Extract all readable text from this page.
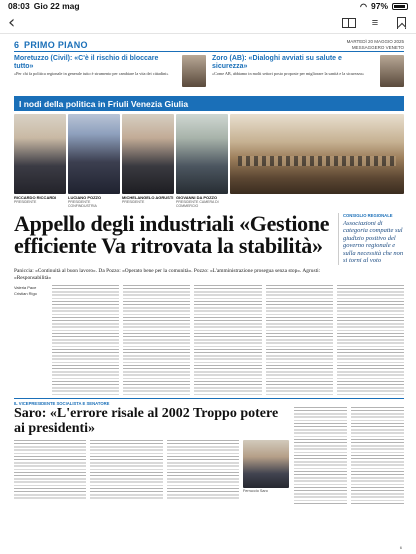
08:03 Gio 22 mag	◠ 97%
‹	≡
6 PRIMO PIANO	MARTEDÌ 20 MAGGIO 2025
MESSAGGERO VENETO
Moretuzzo (Civil): «C'è il rischio di bloccare tutto»

«Per chi fa politica regionale in generale tutto è strumento per cambiare la vita dei cittadini»

Zoro (AB): «Dialoghi avviati su salute e sicurezza»

«Come AB, abbiamo in molti settori posto proposte per migliorare la sanità e la sicurezza»

I nodi della politica in Friuli Venezia Giulia
RICCARDO RICCARDI
PRESIDENTE
LUCIANO POZZO
PRESIDENTE CONFINDUSTRIA
MICHELANGELO AGRUSTI
PRESIDENTE
GIOVANNI DA POZZO
PRESIDENTE CAMERA DI COMMERCIO
Appello degli industriali «Gestione efficiente Va ritrovata la stabilità»
CONSIGLIO REGIONALE
Associazioni di categoria compatte sul giudizio positivo del governo regionale e sulla necessità che non si torni al voto
Paniccia: «Continuità al buon lavoro». Da Pozzo: «Operato bene per la comunità». Pozzo: «L'amministrazione prosegua senza stop». Agrusti: «Responsabilità»
Valeria Pace Cristian Rigo
IL VICEPRESIDENTE SOCIALISTA E SENATORE
Saro: «L'errore risale al 2002 Troppo potere ai presidenti»
Ferruccio Saro
6
